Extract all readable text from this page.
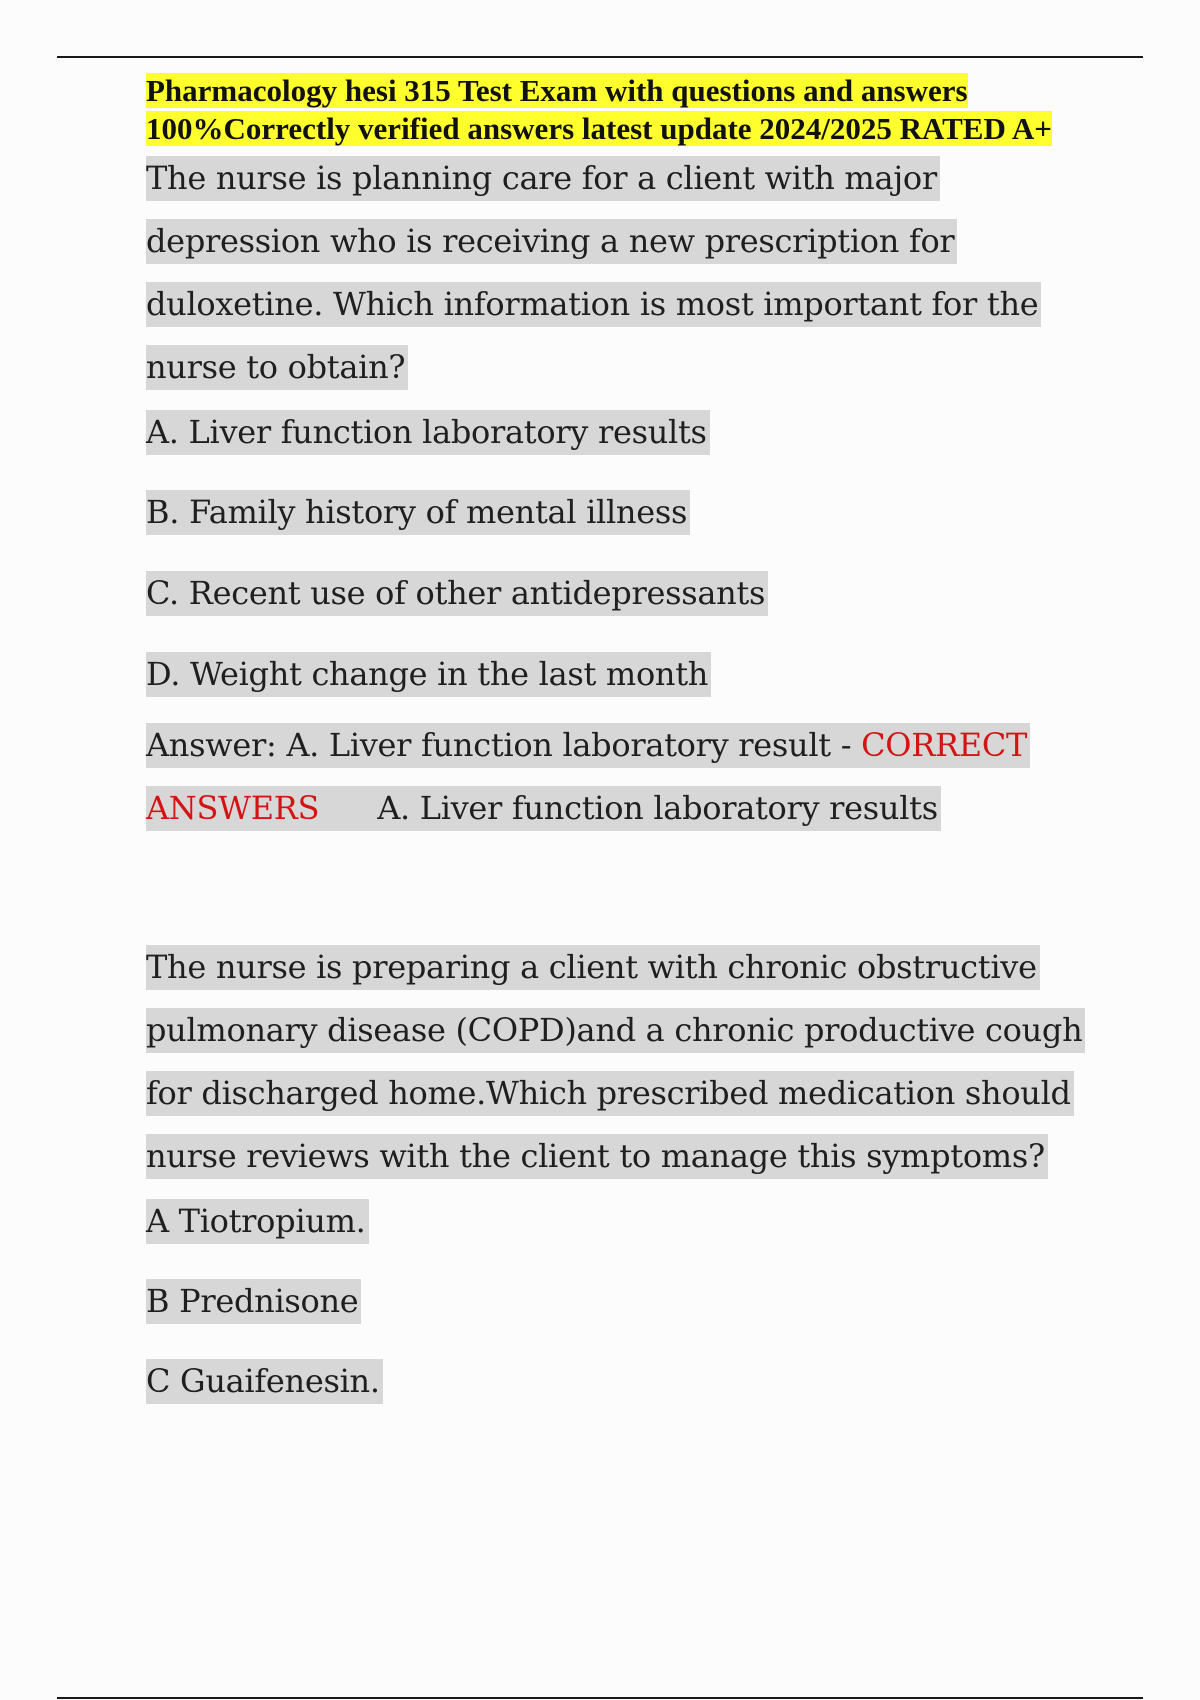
Pharmacology hesi 315 Test Exam with questions and answers 100%Correctly verified answers latest update 2024/2025 RATED A+

The nurse is planning care for a client with major depression who is receiving a new prescription for duloxetine. Which information is most important for the nurse to obtain?

A. Liver function laboratory results

B. Family history of mental illness

C. Recent use of other antidepressants

D. Weight change in the last month

Answer: A. Liver function laboratory result - CORRECT ANSWERS A. Liver function laboratory results

The nurse is preparing a client with chronic obstructive pulmonary disease (COPD)and a chronic productive cough for discharged home.Which prescribed medication should nurse reviews with the client to manage this symptoms?

A Tiotropium.

B Prednisone

C Guaifenesin.
